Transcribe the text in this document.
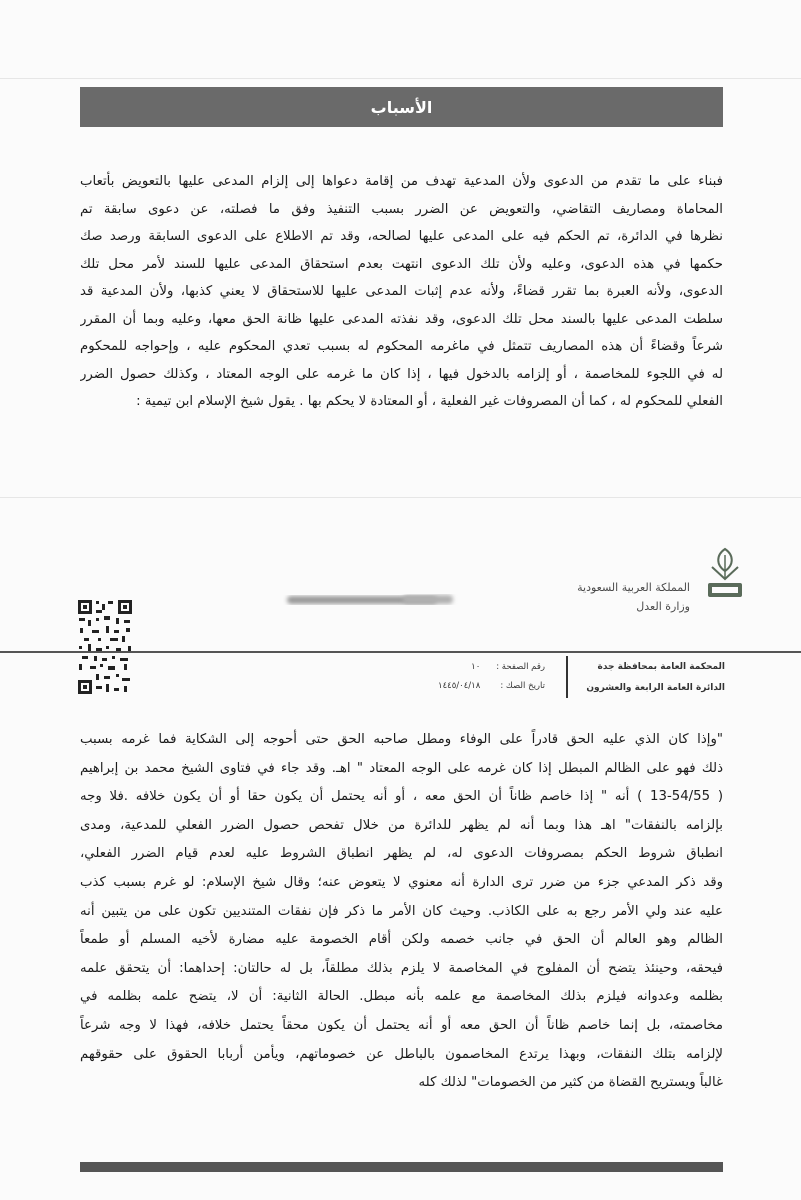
الأسباب

فبناء على ما تقدم من الدعوى ولأن المدعية تهدف من إقامة دعواها إلى إلزام المدعى عليها بالتعويض بأتعاب

المحاماة ومصاريف التقاضي، والتعويض عن الضرر بسبب التنفيذ وفق ما فصلته، عن دعوى سابقة تم

نظرها في الدائرة، تم الحكم فيه على المدعى عليها لصالحه، وقد تم الاطلاع على الدعوى السابقة ورصد صك

حكمها في هذه الدعوى، وعليه ولأن تلك الدعوى انتهت بعدم استحقاق المدعى عليها للسند لأمر محل تلك

الدعوى، ولأنه العبرة بما تقرر قضاءً، ولأنه عدم إثبات المدعى عليها للاستحقاق لا يعني كذبها، ولأن المدعية قد

سلطت المدعى عليها بالسند محل تلك الدعوى، وقد نفذته المدعى عليها ظانة الحق معها، وعليه وبما أن المقرر

شرعاً وقضاءً أن هذه المصاريف تتمثل في ماغرمه المحكوم له بسبب تعدي المحكوم عليه ، وإحواجه للمحكوم

له في اللجوء للمخاصمة ، أو إلزامه بالدخول فيها ، إذا كان ما غرمه على الوجه المعتاد ، وكذلك حصول الضرر

الفعلي للمحكوم له ، كما أن المصروفات غير الفعلية ، أو المعتادة لا يحكم بها . يقول شيخ الإسلام ابن تيمية :

المملكة العربية السعودية
وزارة العدل
المحكمة العامة بمحافظة جدة
الدائرة العامة الرابعة والعشرون
رقم الصفحة : ١٠
تاريخ الصك : ١٤٤٥/٠٤/١٨

"وإذا كان الذي عليه الحق قادراً على الوفاء ومطل صاحبه الحق حتى أحوجه إلى الشكاية فما غرمه بسبب

ذلك فهو على الظالم المبطل إذا كان غرمه على الوجه المعتاد " اهـ. وقد جاء في فتاوى الشيخ محمد بن إبراهيم

( 13-54/55 ) أنه " إذا خاصم ظاناً أن الحق معه ، أو أنه يحتمل أن يكون حقا أو أن يكون خلافه .فلا وجه

بإلزامه بالنفقات" اهـ هذا وبما أنه لم يظهر للدائرة من خلال تفحص حصول الضرر الفعلي للمدعية، ومدى

انطباق شروط الحكم بمصروفات الدعوى له، لم يظهر انطباق الشروط عليه لعدم قيام الضرر الفعلي،

وقد ذكر المدعي جزء من ضرر ترى الدارة أنه معنوي لا يتعوض عنه؛ وقال شيخ الإسلام: لو غرم بسبب كذب

عليه عند ولي الأمر رجع به على الكاذب. وحيث كان الأمر ما ذكر فإن نفقات المتنديين تكون على من يتبين أنه

الظالم وهو العالم أن الحق في جانب خصمه ولكن أقام الخصومة عليه مضارة لأخيه المسلم أو طمعاً

فيحقه، وحينئذ يتضح أن المفلوج في المخاصمة لا يلزم بذلك مطلقاً، بل له حالتان: إحداهما: أن يتحقق علمه

بظلمه وعدوانه فيلزم بذلك المخاصمة مع علمه بأنه مبطل. الحالة الثانية: أن لا، يتضح علمه بظلمه في

مخاصمته، بل إنما خاصم ظاناً أن الحق معه أو أنه يحتمل أن يكون محقاً يحتمل خلافه، فهذا لا وجه شرعاً

لإلزامه بتلك النفقات، وبهذا يرتدع المخاصمون بالباطل عن خصوماتهم، ويأمن أربابا الحقوق على حقوقهم

غالباً ويستريح القضاة من كثير من الخصومات" لذلك كله
